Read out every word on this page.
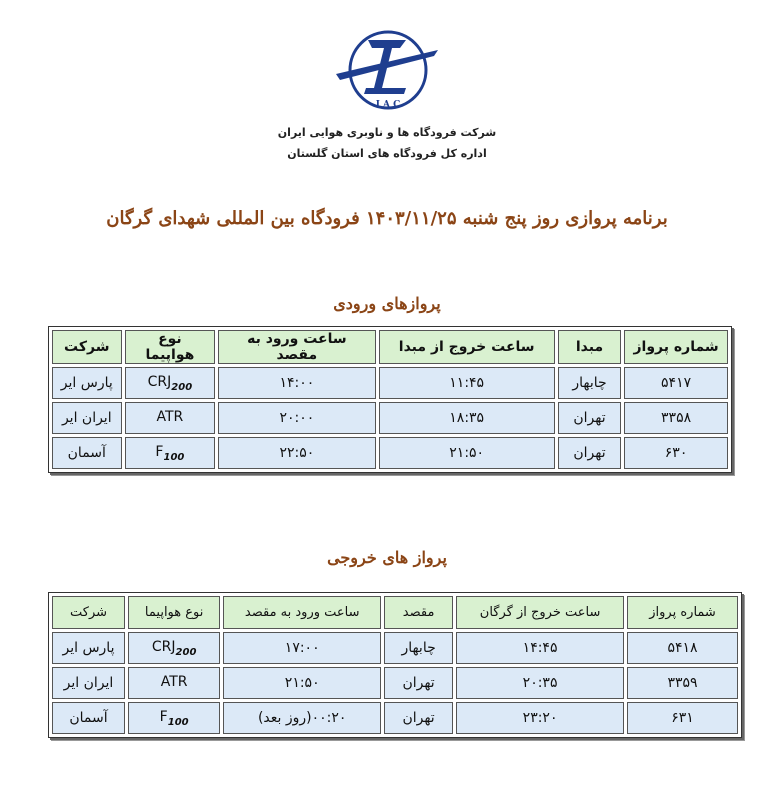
I A C
شرکت فرودگاه ها و ناوبری هوایی ایران
اداره کل فرودگاه های استان گلستان
برنامه پروازی روز پنج شنبه ۱۴۰۳/۱۱/۲۵ فرودگاه بین المللی شهدای گرگان
پروازهای ورودی
شماره پرواز	مبدا	ساعت خروج از مبدا	ساعت ورود به مقصد	نوع هواپیما	شرکت
۵۴۱۷	چابهار	۱۱:۴۵	۱۴:۰۰	$CRJ_{200}$	پارس ایر
۳۳۵۸	تهران	۱۸:۳۵	۲۰:۰۰	ATR	ایران ایر
۶۳۰	تهران	۲۱:۵۰	۲۲:۵۰	$F_{100}$	آسمان
پرواز های خروجی
شماره پرواز	ساعت خروج از گرگان	مقصد	ساعت ورود به مقصد	نوع هواپیما	شرکت
۵۴۱۸	۱۴:۴۵	چابهار	۱۷:۰۰	$CRJ_{200}$	پارس ایر
۳۳۵۹	۲۰:۳۵	تهران	۲۱:۵۰	ATR	ایران ایر
۶۳۱	۲۳:۲۰	تهران	۰۰:۲۰(روز بعد)	$F_{100}$	آسمان
